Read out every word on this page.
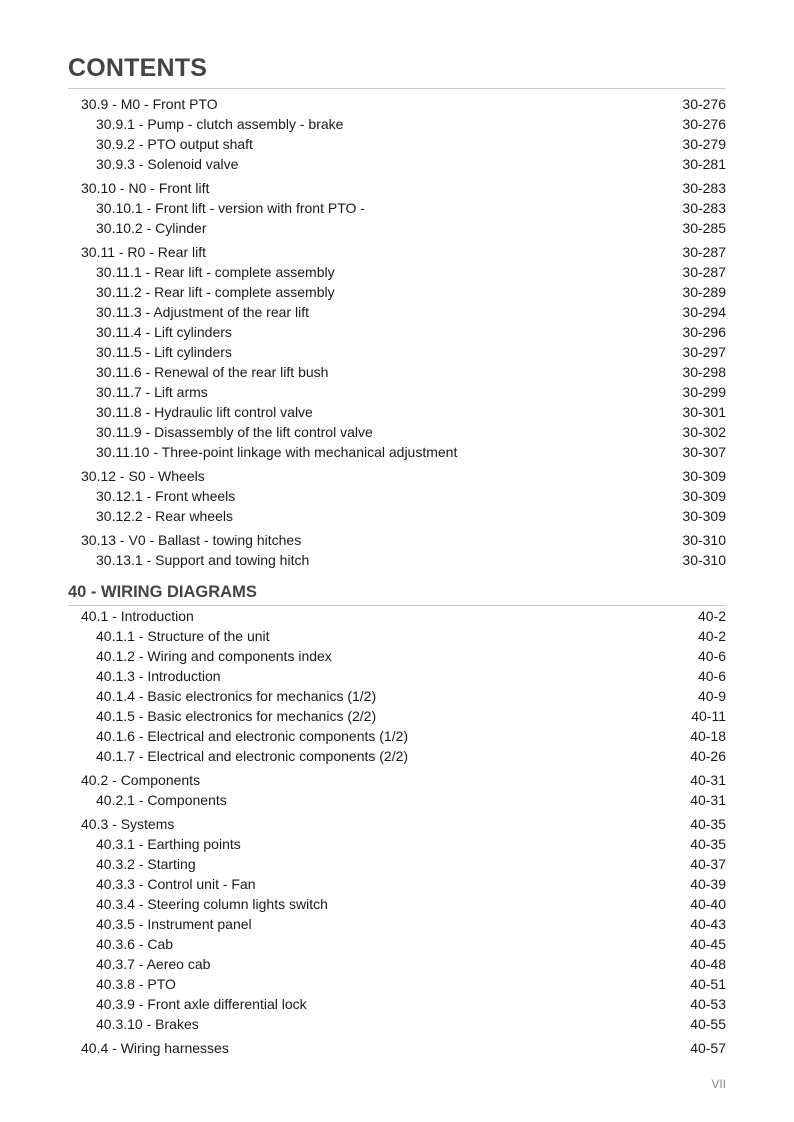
CONTENTS
30.9 - M0 - Front PTO	30-276
30.9.1 - Pump - clutch assembly - brake	30-276
30.9.2 - PTO output shaft	30-279
30.9.3 - Solenoid valve	30-281
30.10 - N0 - Front lift	30-283
30.10.1 - Front lift - version with front PTO -	30-283
30.10.2 - Cylinder	30-285
30.11 - R0 - Rear lift	30-287
30.11.1 - Rear lift - complete assembly	30-287
30.11.2 - Rear lift - complete assembly	30-289
30.11.3 - Adjustment of the rear lift	30-294
30.11.4 - Lift cylinders	30-296
30.11.5 - Lift cylinders	30-297
30.11.6 - Renewal of the rear lift bush	30-298
30.11.7 - Lift arms	30-299
30.11.8 - Hydraulic lift control valve	30-301
30.11.9 - Disassembly of the lift control valve	30-302
30.11.10 - Three-point linkage with mechanical adjustment	30-307
30.12 - S0 - Wheels	30-309
30.12.1 - Front wheels	30-309
30.12.2 - Rear wheels	30-309
30.13 - V0 - Ballast - towing hitches	30-310
30.13.1 - Support and towing hitch	30-310
40 - WIRING DIAGRAMS
40.1 - Introduction	40-2
40.1.1 - Structure of the unit	40-2
40.1.2 - Wiring and components index	40-6
40.1.3 - Introduction	40-6
40.1.4 - Basic electronics for mechanics (1/2)	40-9
40.1.5 - Basic electronics for mechanics (2/2)	40-11
40.1.6 - Electrical and electronic components (1/2)	40-18
40.1.7 - Electrical and electronic components (2/2)	40-26
40.2 - Components	40-31
40.2.1 - Components	40-31
40.3 - Systems	40-35
40.3.1 - Earthing points	40-35
40.3.2 - Starting	40-37
40.3.3 - Control unit - Fan	40-39
40.3.4 - Steering column lights switch	40-40
40.3.5 - Instrument panel	40-43
40.3.6 - Cab	40-45
40.3.7 - Aereo cab	40-48
40.3.8 - PTO	40-51
40.3.9 - Front axle differential lock	40-53
40.3.10 - Brakes	40-55
40.4 - Wiring harnesses	40-57
VII
